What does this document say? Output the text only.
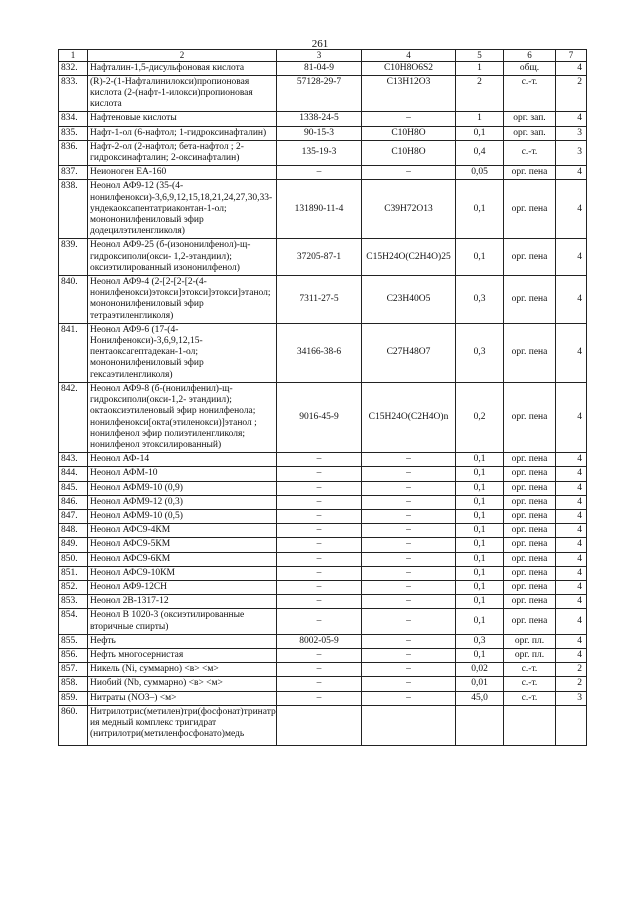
261
1	2	3	4	5	6	7
832.	Нафталин-1,5-дисульфоновая кислота	81-04-9	C10H8O6S2	1	общ.	4
833.	(R)-2-(1-Нафталинилокси)пропионовая кислота (2-(нафт-1-илокси)пропионовая кислота	57128-29-7	C13H12O3	2	с.-т.	2
834.	Нафтеновые кислоты	1338-24-5	–	1	орг. зап.	4
835.	Нафт-1-ол (6-нафтол; 1-гидроксинафталин)	90-15-3	C10H8O	0,1	орг. зап.	3
836.	Нафт-2-ол (2-нафтол; бета-нафтол ; 2-гидроксинафталин; 2-оксинафталин)	135-19-3	C10H8O	0,4	с.-т.	3
837.	Неионоген ЕА-160	–	–	0,05	орг. пена	4
838.	Неонол АФ9-12 (35-(4-нонилфенокси)-3,6,9,12,15,18,21,24,27,30,33-ундекаоксапентатриаконтан-1-ол; монононилфениловый эфир додецилэтиленгликоля)	131890-11-4	C39H72O13	0,1	орг. пена	4
839.	Неонол АФ9-25 (б-(изононилфенол)-щ-гидроксиполи(окси- 1,2-этандиил); оксиэтилированный изононилфенол)	37205-87-1	C15H24O(C2H4O)25	0,1	орг. пена	4
840.	Неонол АФ9-4 (2-[2-[2-[2-(4-нонилфенокси)этокси]этокси]этокси]этанол; монононилфениловый эфир тетраэтиленгликоля)	7311-27-5	C23H40O5	0,3	орг. пена	4
841.	Неонол АФ9-6 (17-(4-Нонилфенокси)-3,6,9,12,15-пентаоксагептадекан-1-ол; монононилфениловый эфир гексаэтиленгликоля)	34166-38-6	C27H48O7	0,3	орг. пена	4
842.	Неонол АФ9-8 (б-(нонилфенил)-щ-гидроксиполи(окси-1,2- этандиил); октаоксиэтиленовый эфир нонилфенола; нонилфенокси[окта(этиленокси)]этанол ; нонилфенол эфир полиэтиленгликоля; нонилфенол этоксилированный)	9016-45-9	C15H24O(C2H4O)n	0,2	орг. пена	4
843.	Неонол АФ-14	–	–	0,1	орг. пена	4
844.	Неонол АФМ-10	–	–	0,1	орг. пена	4
845.	Неонол АФМ9-10 (0,9)	–	–	0,1	орг. пена	4
846.	Неонол АФМ9-12 (0,3)	–	–	0,1	орг. пена	4
847.	Неонол АФМ9-10 (0,5)	–	–	0,1	орг. пена	4
848.	Неонол АФС9-4КМ	–	–	0,1	орг. пена	4
849.	Неонол АФС9-5КМ	–	–	0,1	орг. пена	4
850.	Неонол АФС9-6КМ	–	–	0,1	орг. пена	4
851.	Неонол АФС9-10КМ	–	–	0,1	орг. пена	4
852.	Неонол АФ9-12СН	–	–	0,1	орг. пена	4
853.	Неонол 2В-1317-12	–	–	0,1	орг. пена	4
854.	Неонол В 1020-3 (оксиэтилированные вторичные спирты)	–	–	0,1	орг. пена	4
855.	Нефть	8002-05-9	–	0,3	орг. пл.	4
856.	Нефть многосернистая	–	–	0,1	орг. пл.	4
857.	Никель (Ni, суммарно) <в> <м>	–	–	0,02	с.-т.	2
858.	Ниобий (Nb, суммарно) <в> <м>	–	–	0,01	с.-т.	2
859.	Нитраты (NO3–) <м>	–	–	45,0	с.-т.	3
860.	Нитрилотрис(метилен)три(фосфонат)тринатр ия медный комплекс тригидрат (нитрилотри(метиленфосфонато)медь					
